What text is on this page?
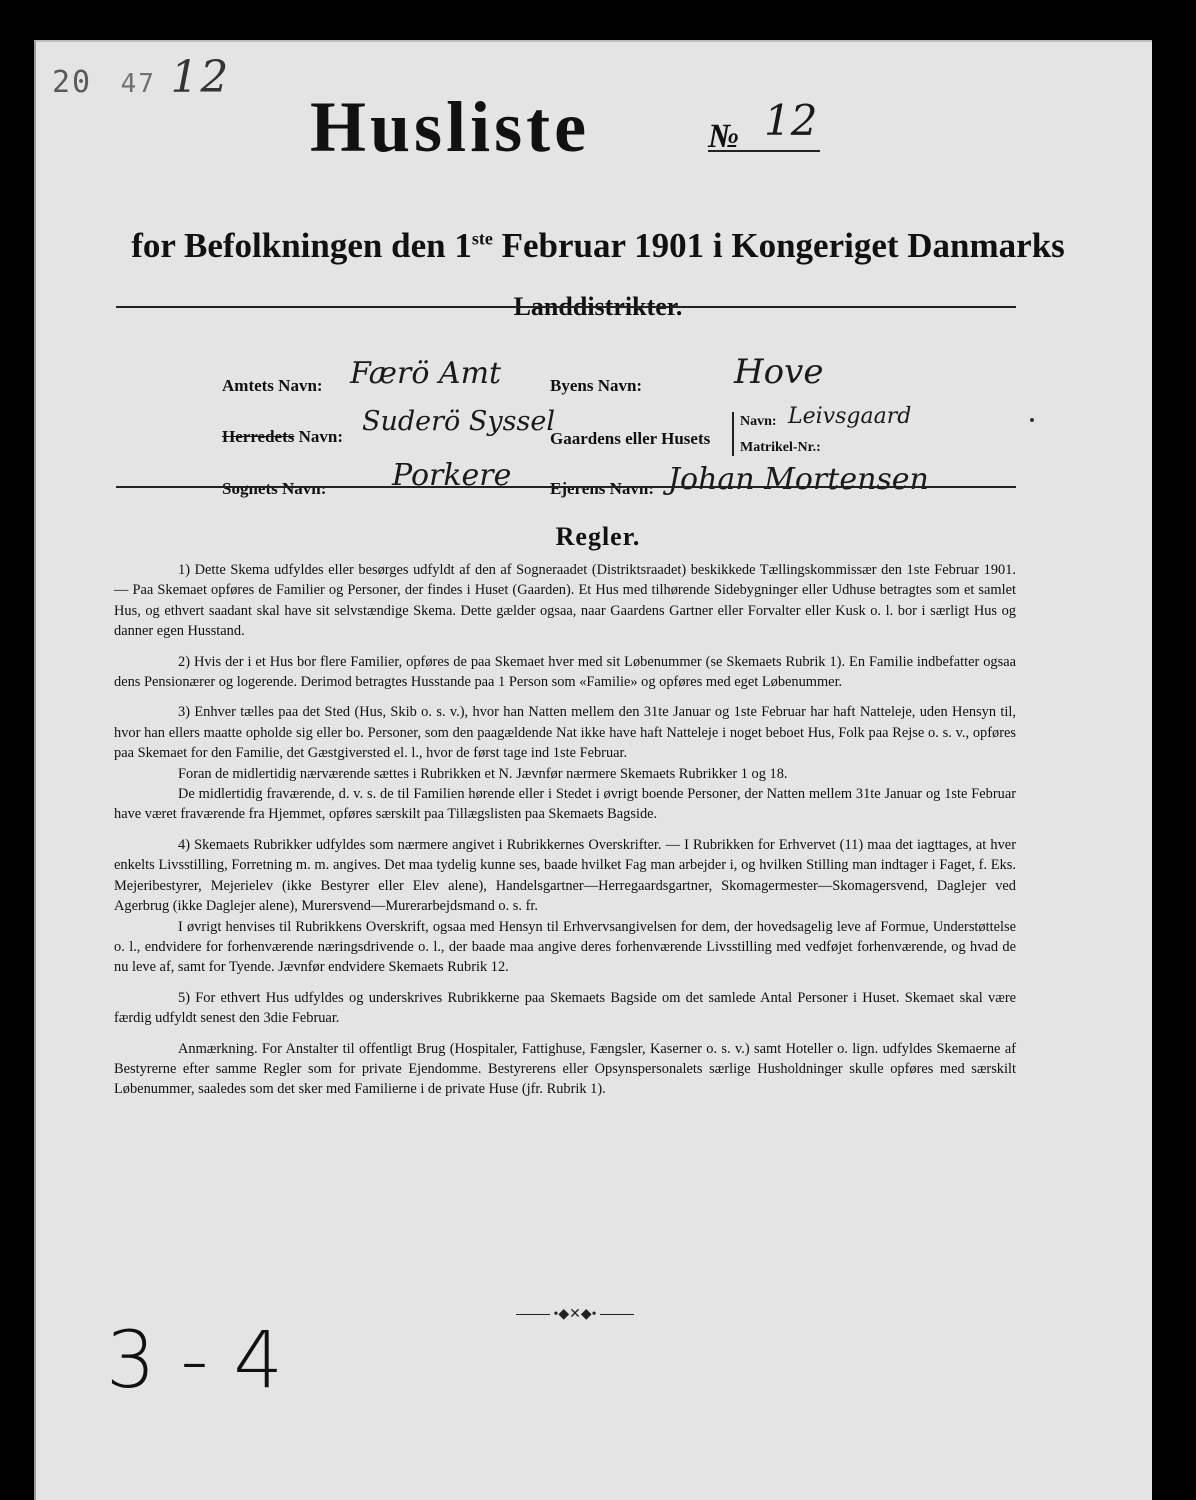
20 47 12
Husliste	№ 12
for Befolkningen den 1ste Februar 1901 i Kongeriget Danmarks
Landdistrikter.
Amtets Navn: Færö Amt
Herredets Navn: Suderö Syssel
Sognets Navn: Porkere
Byens Navn:	Hove
Gaardens eller Husets
Navn: Leivsgaard
Matrikel-Nr.:
Ejerens Navn: Johan Mortensen
Regler.

1) Dette Skema udfyldes eller besørges udfyldt af den af Sogneraadet (Distriktsraadet) beskikkede Tællingskommissær den 1ste Februar 1901. — Paa Skemaet opføres de Familier og Personer, der findes i Huset (Gaarden). Et Hus med tilhørende Sidebygninger eller Udhuse betragtes som et samlet Hus, og ethvert saadant skal have sit selvstændige Skema. Dette gælder ogsaa, naar Gaardens Gartner eller Forvalter eller Kusk o. l. bor i særligt Hus og danner egen Husstand.

2) Hvis der i et Hus bor flere Familier, opføres de paa Skemaet hver med sit Løbenummer (se Skemaets Rubrik 1). En Familie indbefatter ogsaa dens Pensionærer og logerende. Derimod betragtes Husstande paa 1 Person som «Familie» og opføres med eget Løbenummer.

3) Enhver tælles paa det Sted (Hus, Skib o. s. v.), hvor han Natten mellem den 31te Januar og 1ste Februar har haft Natteleje, uden Hensyn til, hvor han ellers maatte opholde sig eller bo. Personer, som den paagældende Nat ikke have haft Natteleje i noget beboet Hus, Folk paa Rejse o. s. v., opføres paa Skemaet for den Familie, det Gæstgiversted el. l., hvor de først tage ind 1ste Februar.

Foran de midlertidig nærværende sættes i Rubrikken et N. Jævnfør nærmere Skemaets Rubrikker 1 og 18.

De midlertidig fraværende, d. v. s. de til Familien hørende eller i Stedet i øvrigt boende Personer, der Natten mellem 31te Januar og 1ste Februar have været fraværende fra Hjemmet, opføres særskilt paa Tillægslisten paa Skemaets Bagside.

4) Skemaets Rubrikker udfyldes som nærmere angivet i Rubrikkernes Overskrifter. — I Rubrikken for Erhvervet (11) maa det iagttages, at hver enkelts Livsstilling, Forretning m. m. angives. Det maa tydelig kunne ses, baade hvilket Fag man arbejder i, og hvilken Stilling man indtager i Faget, f. Eks. Mejeribestyrer, Mejerielev (ikke Bestyrer eller Elev alene), Handelsgartner—Herregaardsgartner, Skomagermester—Skomagersvend, Daglejer ved Agerbrug (ikke Daglejer alene), Murersvend—Murerarbejdsmand o. s. fr.

I øvrigt henvises til Rubrikkens Overskrift, ogsaa med Hensyn til Erhvervsangivelsen for dem, der hovedsagelig leve af Formue, Understøttelse o. l., endvidere for forhenværende næringsdrivende o. l., der baade maa angive deres forhenværende Livsstilling med vedføjet forhenværende, og hvad de nu leve af, samt for Tyende. Jævnfør endvidere Skemaets Rubrik 12.

5) For ethvert Hus udfyldes og underskrives Rubrikkerne paa Skemaets Bagside om det samlede Antal Personer i Huset. Skemaet skal være færdig udfyldt senest den 3die Februar.

Anmærkning. For Anstalter til offentligt Brug (Hospitaler, Fattighuse, Fængsler, Kaserner o. s. v.) samt Hoteller o. lign. udfyldes Skemaerne af Bestyrerne efter samme Regler som for private Ejendomme. Bestyrerens eller Opsynspersonalets særlige Husholdninger skulle opføres med særskilt Løbenummer, saaledes som det sker med Familierne i de private Huse (jfr. Rubrik 1).

•◆✕◆•
3 - 4
